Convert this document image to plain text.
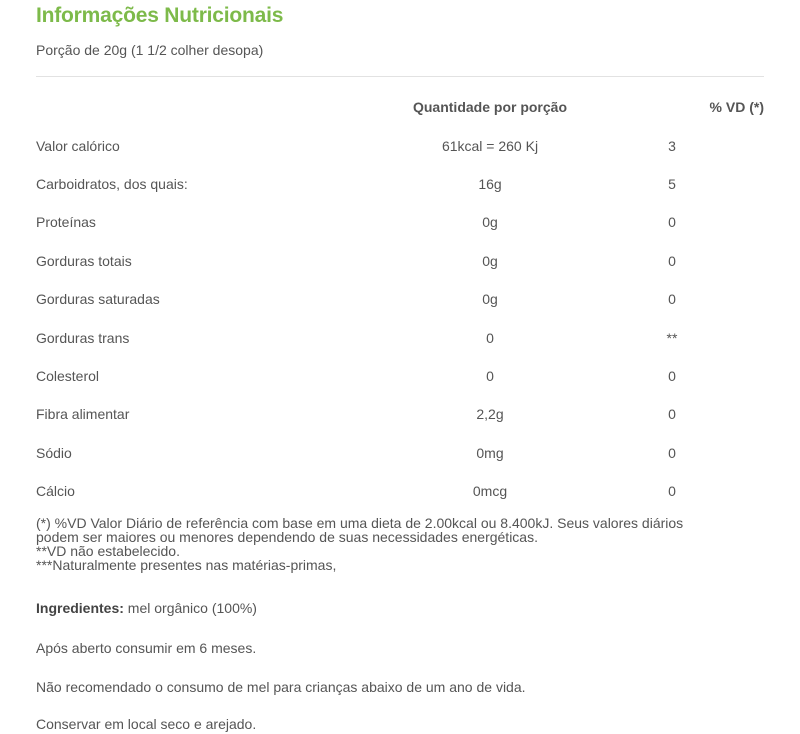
Informações Nutricionais
Porção de 20g (1 1/2 colher desopa)
Quantidade por porção	% VD (*)
Valor calórico	61kcal = 260 Kj	3
Carboidratos, dos quais:	16g	5
Proteínas	0g	0
Gorduras totais	0g	0
Gorduras saturadas	0g	0
Gorduras trans	0	**
Colesterol	0	0
Fibra alimentar	2,2g	0
Sódio	0mg	0
Cálcio	0mcg	0
(*) %VD Valor Diário de referência com base em uma dieta de 2.00kcal ou 8.400kJ. Seus valores diários
podem ser maiores ou menores dependendo de suas necessidades energéticas.
**VD não estabelecido.
***Naturalmente presentes nas matérias-primas,
Ingredientes: mel orgânico (100%)
Após aberto consumir em 6 meses.
Não recomendado o consumo de mel para crianças abaixo de um ano de vida.
Conservar em local seco e arejado.
